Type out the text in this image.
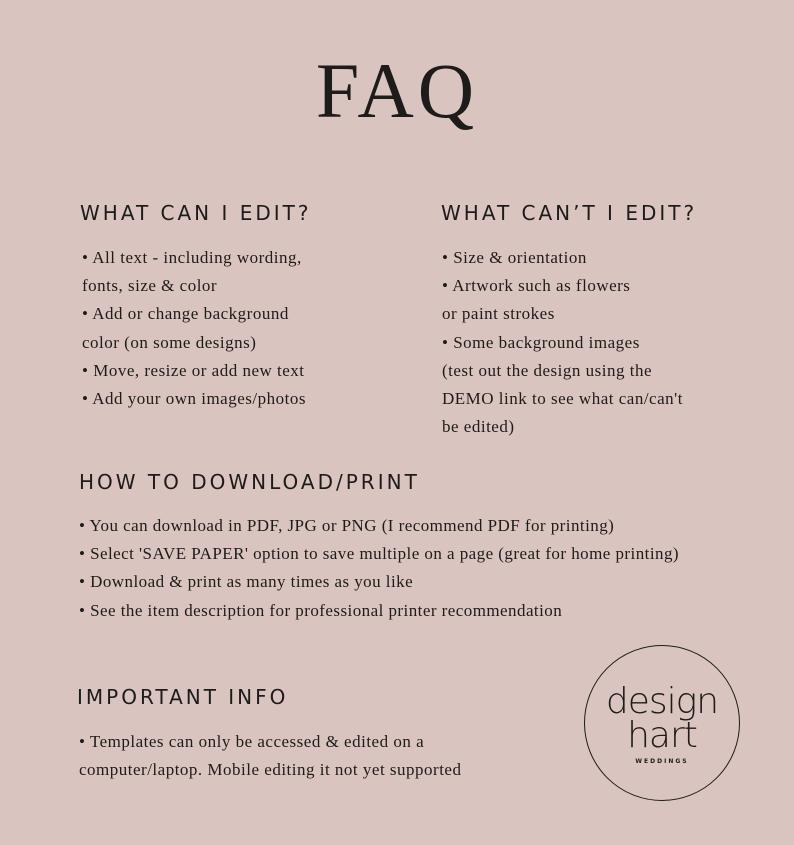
FAQ
WHAT CAN I EDIT?
• All text - including wording,
fonts, size & color
• Add or change background
color (on some designs)
• Move, resize or add new text
• Add your own images/photos
WHAT CAN’T I EDIT?
• Size & orientation
• Artwork such as flowers
or paint strokes
• Some background images
(test out the design using the
DEMO link to see what can/can't
be edited)
HOW TO DOWNLOAD/PRINT
• You can download in PDF, JPG or PNG (I recommend PDF for printing)
• Select 'SAVE PAPER' option to save multiple on a page (great for home printing)
• Download & print as many times as you like
• See the item description for professional printer recommendation
IMPORTANT INFO
• Templates can only be accessed & edited on a
computer/laptop. Mobile editing it not yet supported
design
hart
WEDDINGS
